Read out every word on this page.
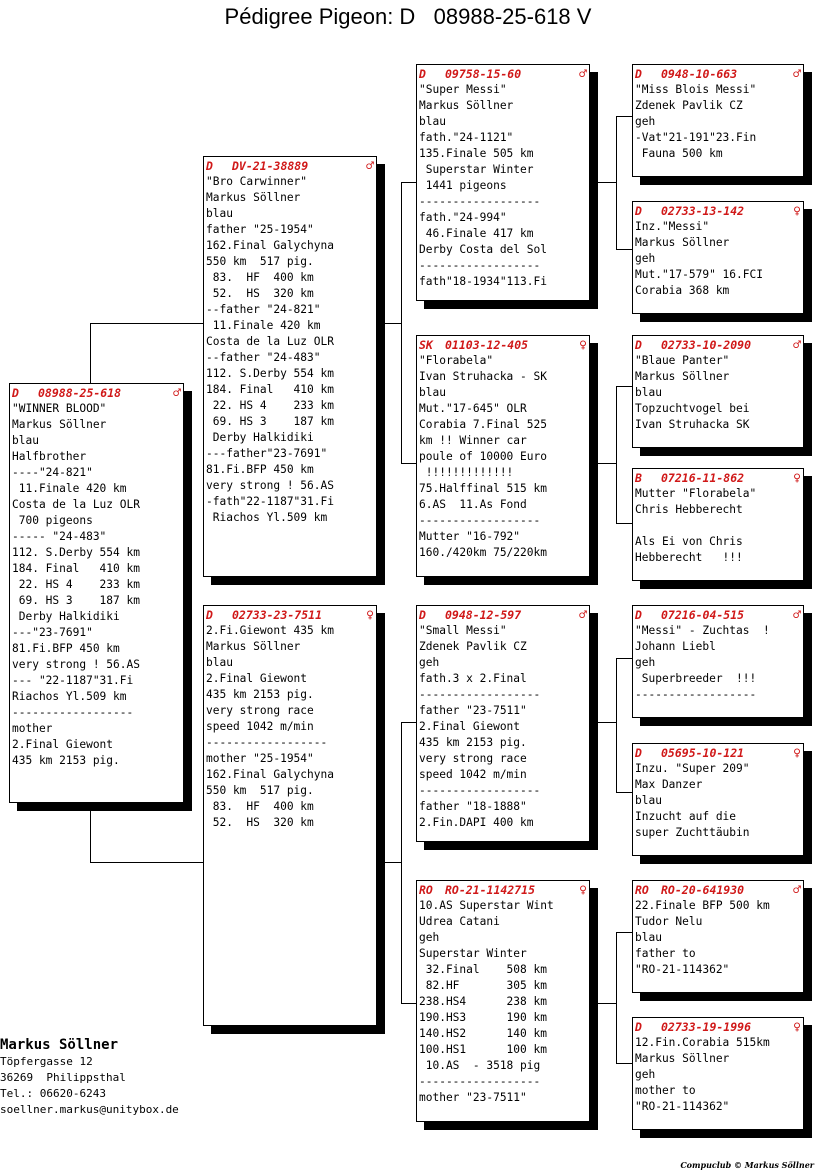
Pédigree Pigeon: D   08988-25-618 V
D	08988-25-618	♂
"WINNER BLOOD"
Markus Söllner
blau
Halfbrother
----"24-821"
11.Finale 420 km
Costa de la Luz OLR
700 pigeons
----- "24-483"
112. S.Derby 554 km
184. Final   410 km
22. HS 4    233 km
69. HS 3    187 km
Derby Halkidiki
---"23-7691"
81.Fi.BFP 450 km
very strong ! 56.AS
--- "22-1187"31.Fi
Riachos Yl.509 km
------------------
mother
2.Final Giewont
435 km 2153 pig.
D	DV-21-38889	♂
"Bro Carwinner"
Markus Söllner
blau
father "25-1954"
162.Final Galychyna
550 km  517 pig.
83.  HF  400 km
52.  HS  320 km
--father "24-821"
11.Finale 420 km
Costa de la Luz OLR
--father "24-483"
112. S.Derby 554 km
184. Final   410 km
22. HS 4    233 km
69. HS 3    187 km
Derby Halkidiki
---father"23-7691"
81.Fi.BFP 450 km
very strong ! 56.AS
-fath"22-1187"31.Fi
Riachos Yl.509 km
D	02733-23-7511	♀
2.Fi.Giewont 435 km
Markus Söllner
blau
2.Final Giewont
435 km 2153 pig.
very strong race
speed 1042 m/min
------------------
mother "25-1954"
162.Final Galychyna
550 km  517 pig.
83.  HF  400 km
52.  HS  320 km
D	09758-15-60	♂
"Super Messi"
Markus Söllner
blau
fath."24-1121"
135.Finale 505 km
Superstar Winter
1441 pigeons
------------------
fath."24-994"
46.Finale 417 km
Derby Costa del Sol
------------------
fath"18-1934"113.Fi
SK	01103-12-405	♀
"Florabela"
Ivan Struhacka - SK
blau
Mut."17-645" OLR
Corabia 7.Final 525
km !! Winner car
poule of 10000 Euro
!!!!!!!!!!!!!
75.Halffinal 515 km
6.AS  11.As Fond
------------------
Mutter "16-792"
160./420km 75/220km
D	0948-12-597	♂
"Small Messi"
Zdenek Pavlik CZ
geh
fath.3 x 2.Final
------------------
father "23-7511"
2.Final Giewont
435 km 2153 pig.
very strong race
speed 1042 m/min
------------------
father "18-1888"
2.Fin.DAPI 400 km
RO	RO-21-1142715	♀
10.AS Superstar Wint
Udrea Catani
geh
Superstar Winter
32.Final    508 km
82.HF       305 km
238.HS4      238 km
190.HS3      190 km
140.HS2      140 km
100.HS1      100 km
10.AS  - 3518 pig
------------------
mother "23-7511"
D	0948-10-663	♂
"Miss Blois Messi"
Zdenek Pavlik CZ
geh
-Vat"21-191"23.Fin
Fauna 500 km
D	02733-13-142	♀
Inz."Messi"
Markus Söllner
geh
Mut."17-579" 16.FCI
Corabia 368 km
D	02733-10-2090	♂
"Blaue Panter"
Markus Söllner
blau
Topzuchtvogel bei
Ivan Struhacka SK
B	07216-11-862	♀
Mutter "Florabela"
Chris Hebberecht
Als Ei von Chris
Hebberecht   !!!
D	07216-04-515	♂
"Messi" - Zuchtas  !
Johann Liebl
geh
Superbreeder  !!!
------------------
D	05695-10-121	♀
Inzu. "Super 209"
Max Danzer
blau
Inzucht auf die
super Zuchttäubin
RO	RO-20-641930	♂
22.Finale BFP 500 km
Tudor Nelu
blau
father to
"RO-21-114362"
D	02733-19-1996	♀
12.Fin.Corabia 515km
Markus Söllner
geh
mother to
"RO-21-114362"
Markus Söllner
Töpfergasse 12
36269  Philippsthal
Tel.: 06620-6243
soellner.markus@unitybox.de
Compuclub © Markus Söllner
